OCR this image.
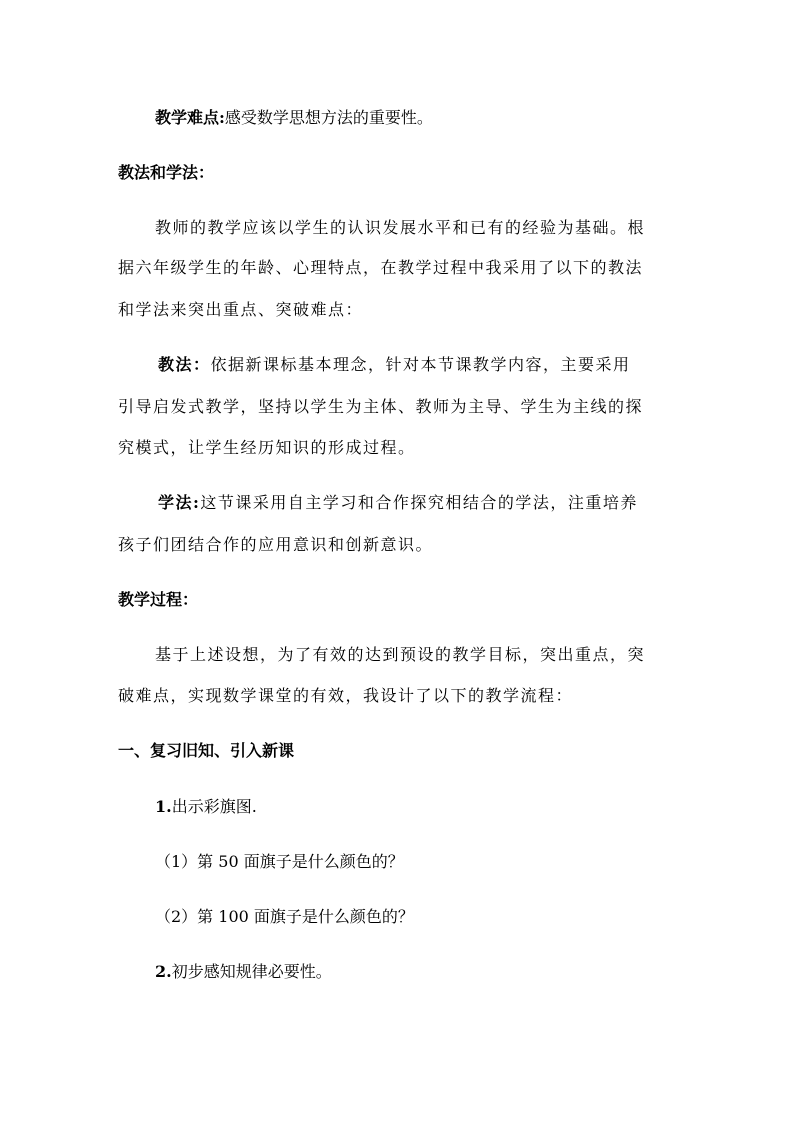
教学难点:感受数学思想方法的重要性。
教法和学法：
教师的教学应该以学生的认识发展水平和已有的经验为基础。根
据六年级学生的年龄、心理特点，在教学过程中我采用了以下的教法
和学法来突出重点、突破难点：
教法：依据新课标基本理念，针对本节课教学内容，主要采用
引导启发式教学，坚持以学生为主体、教师为主导、学生为主线的探
究模式，让学生经历知识的形成过程。
学法:这节课采用自主学习和合作探究相结合的学法，注重培养
孩子们团结合作的应用意识和创新意识。
教学过程：
基于上述设想，为了有效的达到预设的教学目标，突出重点，突
破难点，实现数学课堂的有效，我设计了以下的教学流程：
一、复习旧知、引入新课
1.出示彩旗图.
（1）第 50 面旗子是什么颜色的？
（2）第 100 面旗子是什么颜色的？
2.初步感知规律必要性。
